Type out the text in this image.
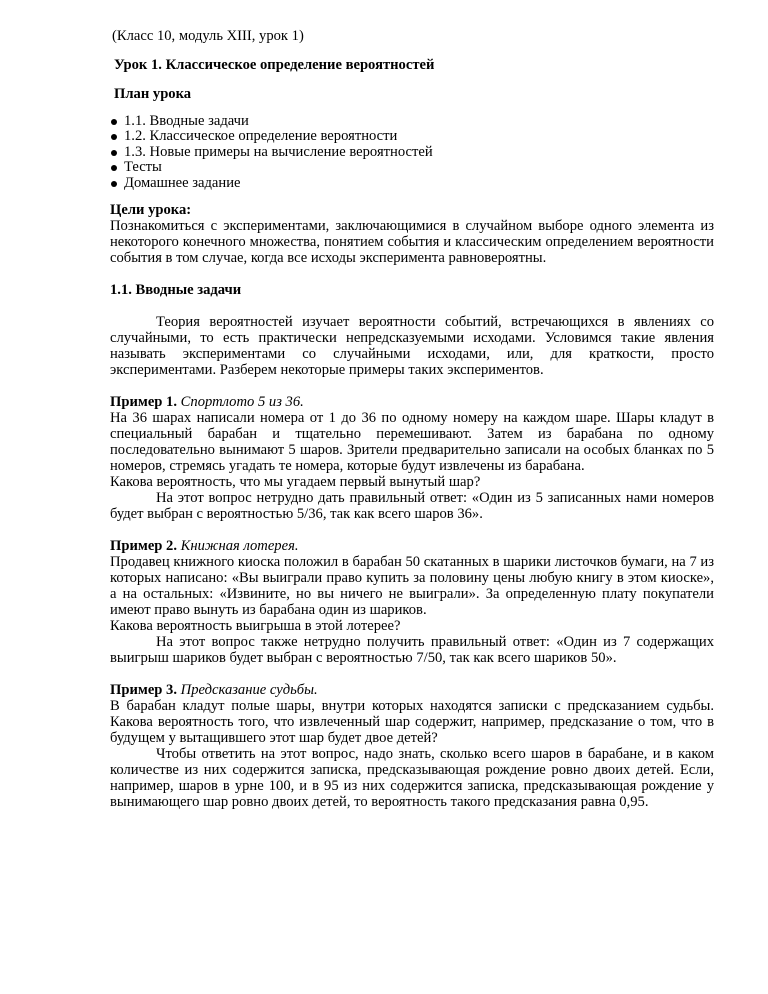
(Класс 10, модуль XIII, урок 1)

Урок 1. Классическое определение вероятностей

План урока

1.1. Вводные задачи
1.2. Классическое определение вероятности
1.3. Новые примеры на вычисление вероятностей
Тесты
Домашнее задание

Цели урока:

Познакомиться с экспериментами, заключающимися в случайном выборе одного элемента из некоторого конечного множества, понятием события и классическим определением вероятности события в том случае, когда все исходы эксперимента равновероятны.

1.1. Вводные задачи

Теория вероятностей изучает вероятности событий, встречающихся в явлениях со случайными, то есть практически непредсказуемыми исходами. Условимся такие явления называть экспериментами со случайными исходами, или, для краткости, просто экспериментами. Разберем некоторые примеры таких экспериментов.

Пример 1. Спортлото 5 из 36.

На 36 шарах написали номера от 1 до 36 по одному номеру на каждом шаре. Шары кладут в специальный барабан и тщательно перемешивают. Затем из барабана по одному последовательно вынимают 5 шаров. Зрители предварительно записали на особых бланках по 5 номеров, стремясь угадать те номера, которые будут извлечены из барабана.

Какова вероятность, что мы угадаем первый вынутый шар?

На этот вопрос нетрудно дать правильный ответ: «Один из 5 записанных нами номеров будет выбран с вероятностью 5/36, так как всего шаров 36».

Пример 2. Книжная лотерея.

Продавец книжного киоска положил в барабан 50 скатанных в шарики листочков бумаги, на 7 из которых написано: «Вы выиграли право купить за половину цены любую книгу в этом киоске», а на остальных: «Извините, но вы ничего не выиграли». За определенную плату покупатели имеют право вынуть из барабана один из шариков.

Какова вероятность выигрыша в этой лотерее?

На этот вопрос также нетрудно получить правильный ответ: «Один из 7 содержащих выигрыш шариков будет выбран с вероятностью 7/50, так как всего шариков 50».

Пример 3. Предсказание судьбы.

В барабан кладут полые шары, внутри которых находятся записки с предсказанием судьбы. Какова вероятность того, что извлеченный шар содержит, например, предсказание о том, что в будущем у вытащившего этот шар будет двое детей?

Чтобы ответить на этот вопрос, надо знать, сколько всего шаров в барабане, и в каком количестве из них содержится записка, предсказывающая рождение ровно двоих детей. Если, например, шаров в урне 100, и в 95 из них содержится записка, предсказывающая рождение у вынимающего шар ровно двоих детей, то вероятность такого предсказания равна 0,95.
